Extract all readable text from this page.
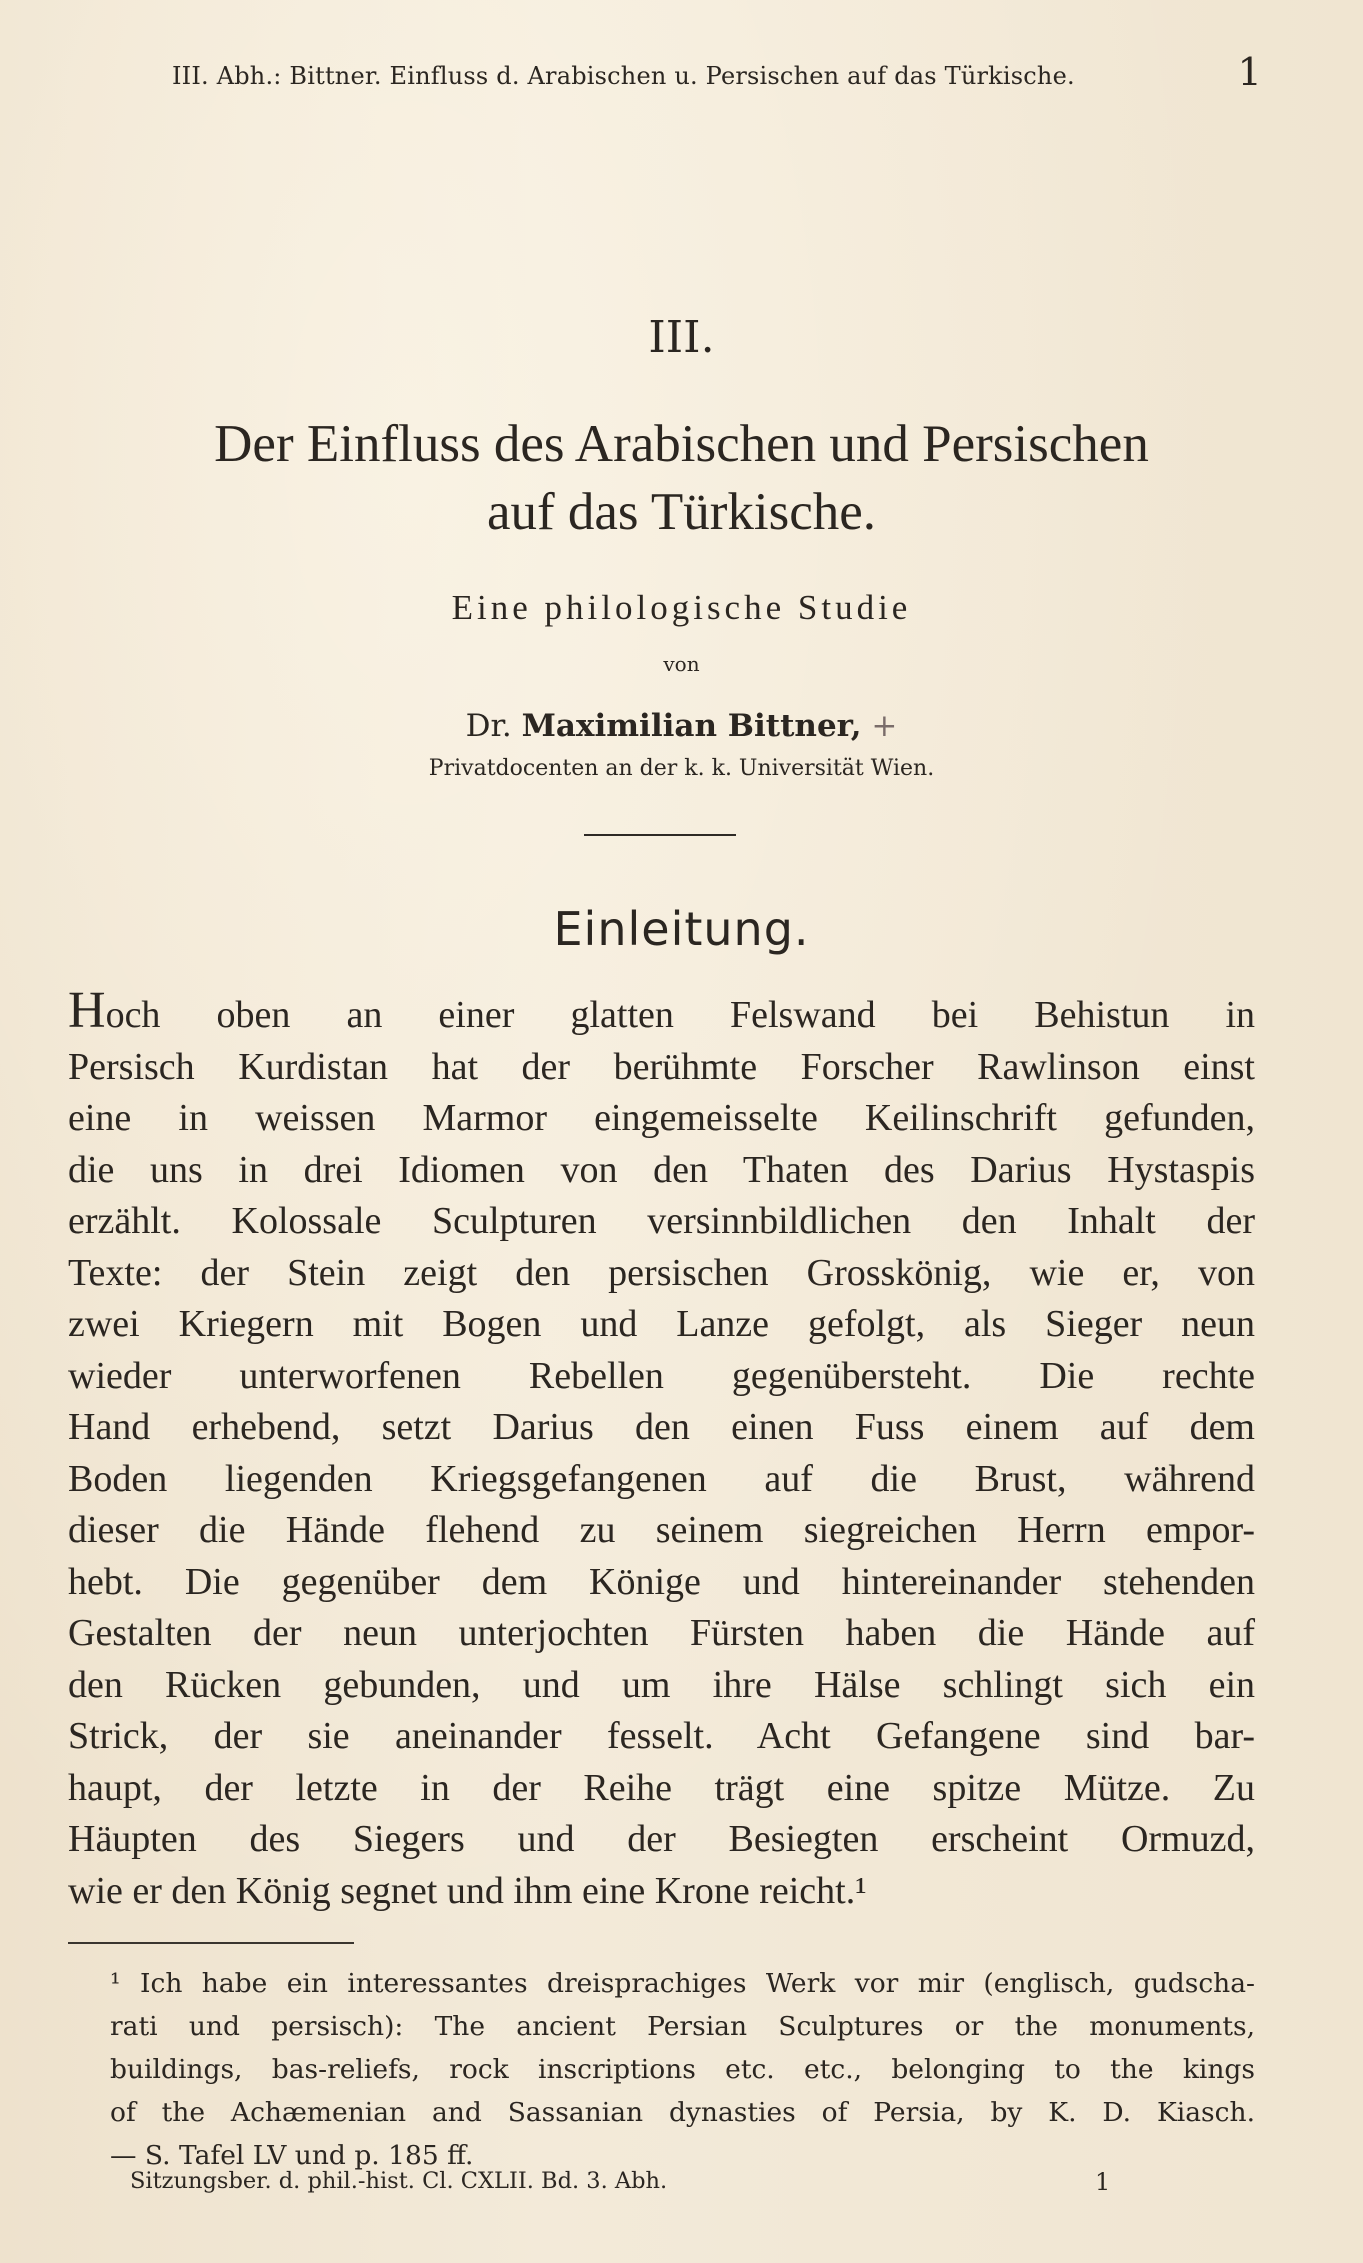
III. Abh.: Bittner. Einfluss d. Arabischen u. Persischen auf das Türkische.	1
III.
Der Einfluss des Arabischen und Persischen
auf das Türkische.
Eine philologische Studie
von
Dr. Maximilian Bittner, +
Privatdocenten an der k. k. Universität Wien.
Einleitung.
Hoch oben an einer glatten Felswand bei Behistun in
Persisch Kurdistan hat der berühmte Forscher Rawlinson einst
eine in weissen Marmor eingemeisselte Keilinschrift gefunden,
die uns in drei Idiomen von den Thaten des Darius Hystaspis
erzählt. Kolossale Sculpturen versinnbildlichen den Inhalt der
Texte: der Stein zeigt den persischen Grosskönig, wie er, von
zwei Kriegern mit Bogen und Lanze gefolgt, als Sieger neun
wieder unterworfenen Rebellen gegenübersteht. Die rechte
Hand erhebend, setzt Darius den einen Fuss einem auf dem
Boden liegenden Kriegsgefangenen auf die Brust, während
dieser die Hände flehend zu seinem siegreichen Herrn empor-
hebt. Die gegenüber dem Könige und hintereinander stehenden
Gestalten der neun unterjochten Fürsten haben die Hände auf
den Rücken gebunden, und um ihre Hälse schlingt sich ein
Strick, der sie aneinander fesselt. Acht Gefangene sind bar-
haupt, der letzte in der Reihe trägt eine spitze Mütze. Zu
Häupten des Siegers und der Besiegten erscheint Ormuzd,
wie er den König segnet und ihm eine Krone reicht.¹
¹ Ich habe ein interessantes dreisprachiges Werk vor mir (englisch, gudscha-
rati und persisch): The ancient Persian Sculptures or the monuments,
buildings, bas-reliefs, rock inscriptions etc. etc., belonging to the kings
of the Achæmenian and Sassanian dynasties of Persia, by K. D. Kiasch.
— S. Tafel LV und p. 185 ff.
Sitzungsber. d. phil.-hist. Cl. CXLII. Bd. 3. Abh.	1
